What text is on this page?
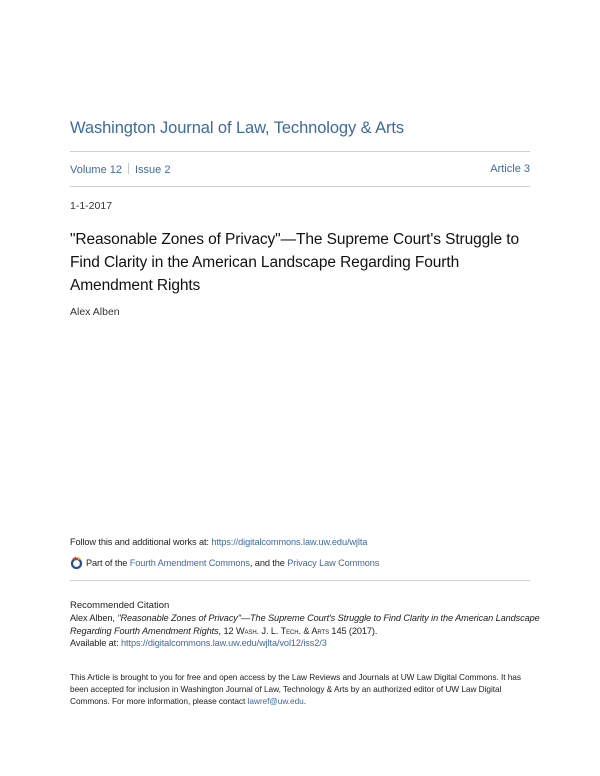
Washington Journal of Law, Technology & Arts
Volume 12 Issue 2	Article 3
1-1-2017
"Reasonable Zones of Privacy"—The Supreme Court's Struggle to Find Clarity in the American Landscape Regarding Fourth Amendment Rights
Alex Alben
Follow this and additional works at: https://digitalcommons.law.uw.edu/wjlta
Part of the Fourth Amendment Commons, and the Privacy Law Commons
Recommended Citation
Alex Alben, "Reasonable Zones of Privacy"—The Supreme Court's Struggle to Find Clarity in the American Landscape Regarding Fourth Amendment Rights, 12 Wash. J. L. Tech. & Arts 145 (2017).
Available at: https://digitalcommons.law.uw.edu/wjlta/vol12/iss2/3
This Article is brought to you for free and open access by the Law Reviews and Journals at UW Law Digital Commons. It has been accepted for inclusion in Washington Journal of Law, Technology & Arts by an authorized editor of UW Law Digital Commons. For more information, please contact lawref@uw.edu.
